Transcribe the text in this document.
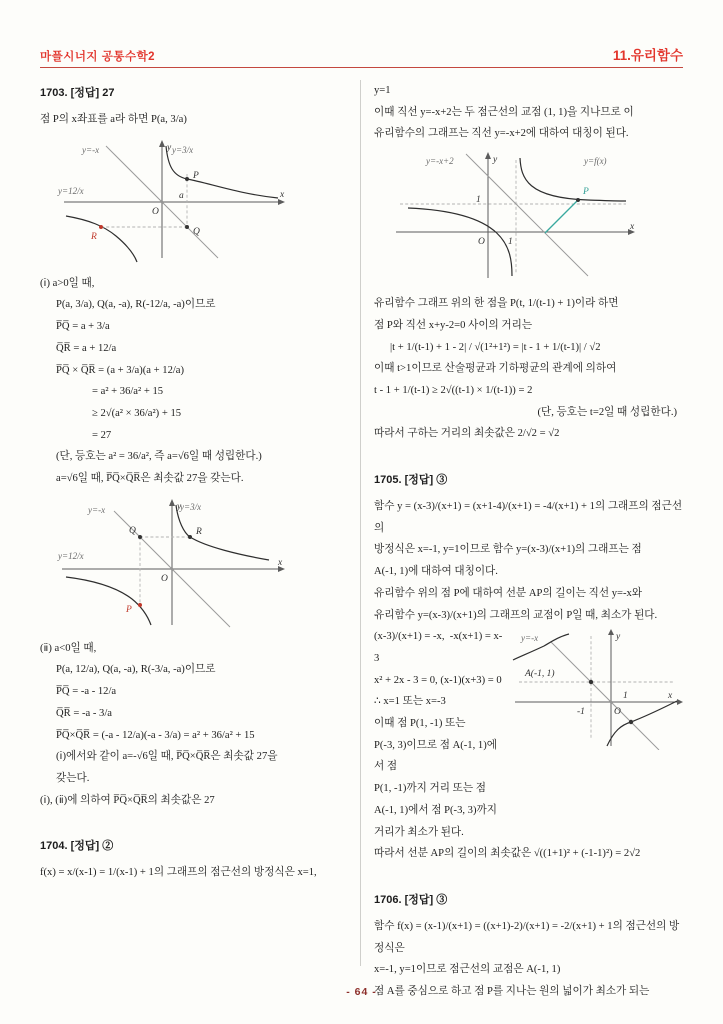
마플시너지 공통수학2	11.유리함수
1703. [정답] 27

점 P의 x좌표를 a라 하면 P(a, 3/a)

y=-x	y=3/x
y=12/x
O
P
Q
R
a	x
y

(ⅰ) a>0일 때,

P(a, 3/a), Q(a, -a), R(-12/a, -a)이므로

P̅Q̅ = a + 3/a

Q̅R̅ = a + 12/a

P̅Q̅ × Q̅R̅ = (a + 3/a)(a + 12/a)

= a² + 36/a² + 15

≥ 2√(a² × 36/a²) + 15

= 27

(단, 등호는 a² = 36/a², 즉 a=√6일 때 성립한다.)

a=√6일 때, P̅Q̅×Q̅R̅은 최솟값 27을 갖는다.

y=-x	y=3/x
y=12/x
Q	R
P
O
x
y

(ⅱ) a<0일 때,

P(a, 12/a), Q(a, -a), R(-3/a, -a)이므로

P̅Q̅ = -a - 12/a

Q̅R̅ = -a - 3/a

P̅Q̅×Q̅R̅ = (-a - 12/a)(-a - 3/a) = a² + 36/a² + 15

(ⅰ)에서와 같이 a=-√6일 때, P̅Q̅×Q̅R̅은 최솟값 27을

갖는다.

(ⅰ), (ⅱ)에 의하여 P̅Q̅×Q̅R̅의 최솟값은 27

1704. [정답] ②

f(x) = x/(x-1) = 1/(x-1) + 1의 그래프의 점근선의 방정식은 x=1,

y=1

이때 직선 y=-x+2는 두 점근선의 교점 (1, 1)을 지나므로 이

유리함수의 그래프는 직선 y=-x+2에 대하여 대칭이 된다.

y=-x+2	y=f(x)
P
O 1
1
x
y

유리함수 그래프 위의 한 점을 P(t, 1/(t-1) + 1)이라 하면

점 P와 직선 x+y-2=0 사이의 거리는

|t + 1/(t-1) + 1 - 2| / √(1²+1²) = |t - 1 + 1/(t-1)| / √2

이때 t>1이므로 산술평균과 기하평균의 관계에 의하여

t - 1 + 1/(t-1) ≥ 2√((t-1) × 1/(t-1)) = 2

(단, 등호는 t=2일 때 성립한다.)

따라서 구하는 거리의 최솟값은 2/√2 = √2

1705. [정답] ③

함수 y = (x-3)/(x+1) = (x+1-4)/(x+1) = -4/(x+1) + 1의 그래프의 점근선의

방정식은 x=-1, y=1이므로 함수 y=(x-3)/(x+1)의 그래프는 점

A(-1, 1)에 대하여 대칭이다.

유리함수 위의 점 P에 대하여 선분 AP의 길이는 직선 y=-x와

유리함수 y=(x-3)/(x+1)의 그래프의 교점이 P일 때, 최소가 된다.

y=-x
A(-1, 1)
-1	O
1	x
y

(x-3)/(x+1) = -x,  -x(x+1) = x-3

x² + 2x - 3 = 0, (x-1)(x+3) = 0

∴ x=1 또는 x=-3

이때 점 P(1, -1) 또는

P(-3, 3)이므로 점 A(-1, 1)에서 점

P(1, -1)까지 거리 또는 점

A(-1, 1)에서 점 P(-3, 3)까지

거리가 최소가 된다.

따라서 선분 AP의 길이의 최솟값은 √((1+1)² + (-1-1)²) = 2√2

1706. [정답] ③

함수 f(x) = (x-1)/(x+1) = ((x+1)-2)/(x+1) = -2/(x+1) + 1의 점근선의 방정식은

x=-1, y=1이므로 점근선의 교점은 A(-1, 1)

점 A를 중심으로 하고 점 P를 지나는 원의 넓이가 최소가 되는

- 64 -
